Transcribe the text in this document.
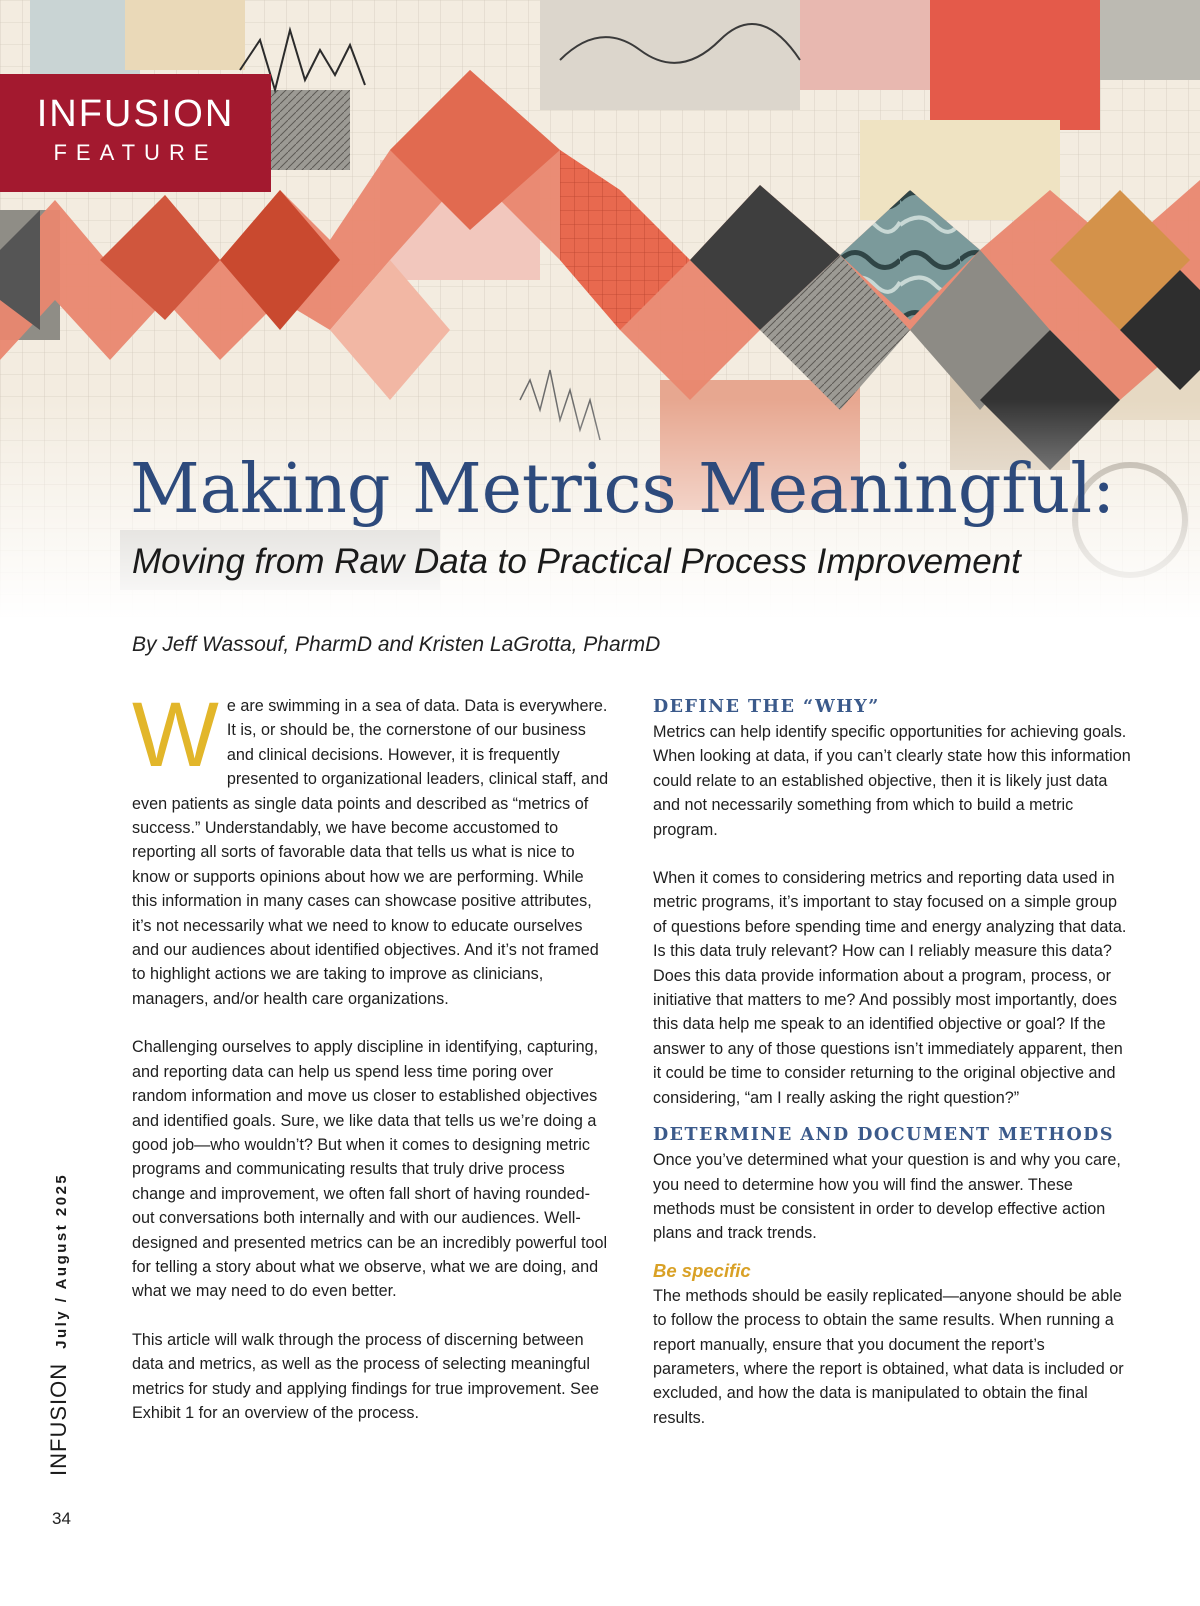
INFUSION
FEATURE
Making Metrics Meaningful:
Moving from Raw Data to Practical Process Improvement
By Jeff Wassouf, PharmD and Kristen LaGrotta, PharmD

We are swimming in a sea of data. Data is everywhere. It is, or should be, the cornerstone of our business and clinical decisions. However, it is frequently presented to organizational leaders, clinical staff, and even patients as single data points and described as “metrics of success.” Understandably, we have become accustomed to reporting all sorts of favorable data that tells us what is nice to know or supports opinions about how we are performing. While this information in many cases can showcase positive attributes, it’s not necessarily what we need to know to educate ourselves and our audiences about identified objectives. And it’s not framed to highlight actions we are taking to improve as clinicians, managers, and/or health care organizations.

Challenging ourselves to apply discipline in identifying, capturing, and reporting data can help us spend less time poring over random information and move us closer to established objectives and identified goals. Sure, we like data that tells us we’re doing a good job—who wouldn’t? But when it comes to designing metric programs and communicating results that truly drive process change and improvement, we often fall short of having rounded-out conversations both internally and with our audiences. Well-designed and presented metrics can be an incredibly powerful tool for telling a story about what we observe, what we are doing, and what we may need to do even better.

This article will walk through the process of discerning between data and metrics, as well as the process of selecting meaningful metrics for study and applying findings for true improvement. See Exhibit 1 for an overview of the process.

DEFINE THE “WHY”

Metrics can help identify specific opportunities for achieving goals. When looking at data, if you can’t clearly state how this information could relate to an established objective, then it is likely just data and not necessarily something from which to build a metric program.

When it comes to considering metrics and reporting data used in metric programs, it’s important to stay focused on a simple group of questions before spending time and energy analyzing that data. Is this data truly relevant? How can I reliably measure this data? Does this data provide information about a program, process, or initiative that matters to me? And possibly most importantly, does this data help me speak to an identified objective or goal? If the answer to any of those questions isn’t immediately apparent, then it could be time to consider returning to the original objective and considering, “am I really asking the right question?”

DETERMINE AND DOCUMENT METHODS

Once you’ve determined what your question is and why you care, you need to determine how you will find the answer. These methods must be consistent in order to develop effective action plans and track trends.

Be specific

The methods should be easily replicated—anyone should be able to follow the process to obtain the same results. When running a report manually, ensure that you document the report’s parameters, where the report is obtained, what data is included or excluded, and how the data is manipulated to obtain the final results.

INFUSIONJuly / August 2025
34
